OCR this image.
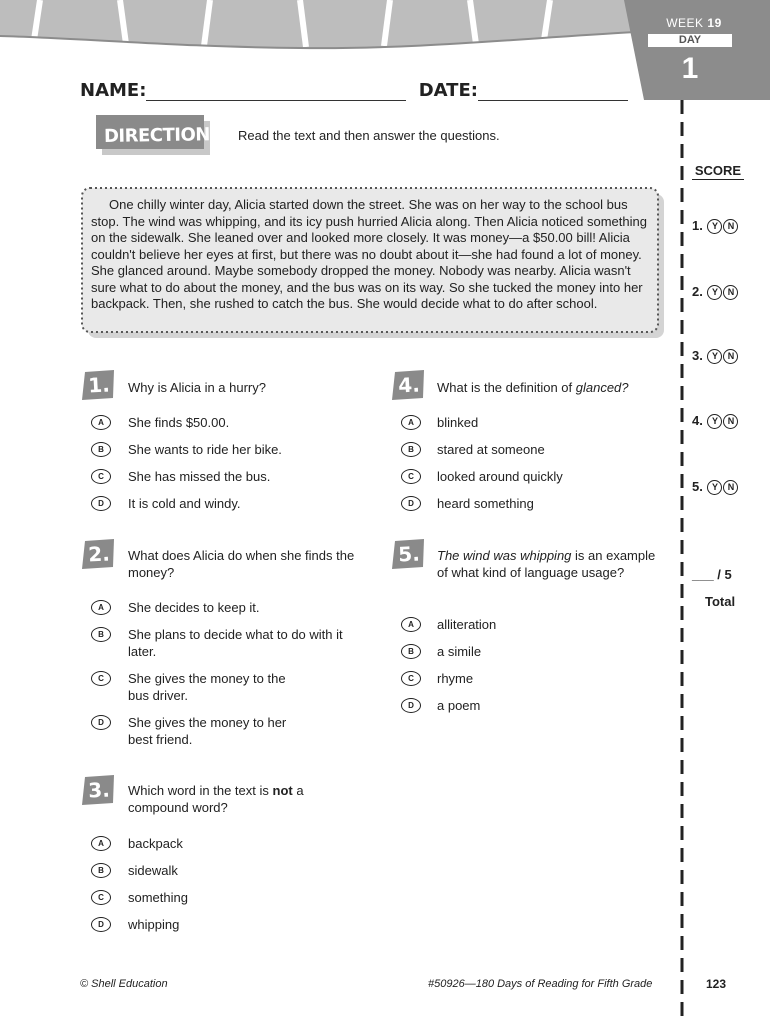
WEEK 19
DAY
1
NAME:	DATE:
DIRECTIONS Read the text and then answer the questions.
One chilly winter day, Alicia started down the street. She was on her way to the school bus stop. The wind was whipping, and its icy push hurried Alicia along. Then Alicia noticed something on the sidewalk. She leaned over and looked more closely. It was money—a $50.00 bill! Alicia couldn't believe her eyes at first, but there was no doubt about it—she had found a lot of money. She glanced around. Maybe somebody dropped the money. Nobody was nearby. Alicia wasn't sure what to do about the money, and the bus was on its way. So she tucked the money into her backpack. Then, she rushed to catch the bus. She would decide what to do after school.
SCORE
1. Y N
2. Y N
3. Y N
4. Y N
5. Y N
___ / 5
Total
1.	Why is Alicia in a hurry?
A	She finds $50.00.
B	She wants to ride her bike.
C	She has missed the bus.
D	It is cold and windy.
2.	What does Alicia do when she finds the money?
A	She decides to keep it.
B	She plans to decide what to do with it later.
C	She gives the money to the bus driver.
D	She gives the money to her best friend.
3.	Which word in the text is not a compound word?
A	backpack
B	sidewalk
C	something
D	whipping
4.	What is the definition of glanced?
A	blinked
B	stared at someone
C	looked around quickly
D	heard something
5.	The wind was whipping is an example of what kind of language usage?
A	alliteration
B	a simile
C	rhyme
D	a poem
© Shell Education	#50926—180 Days of Reading for Fifth Grade	123
